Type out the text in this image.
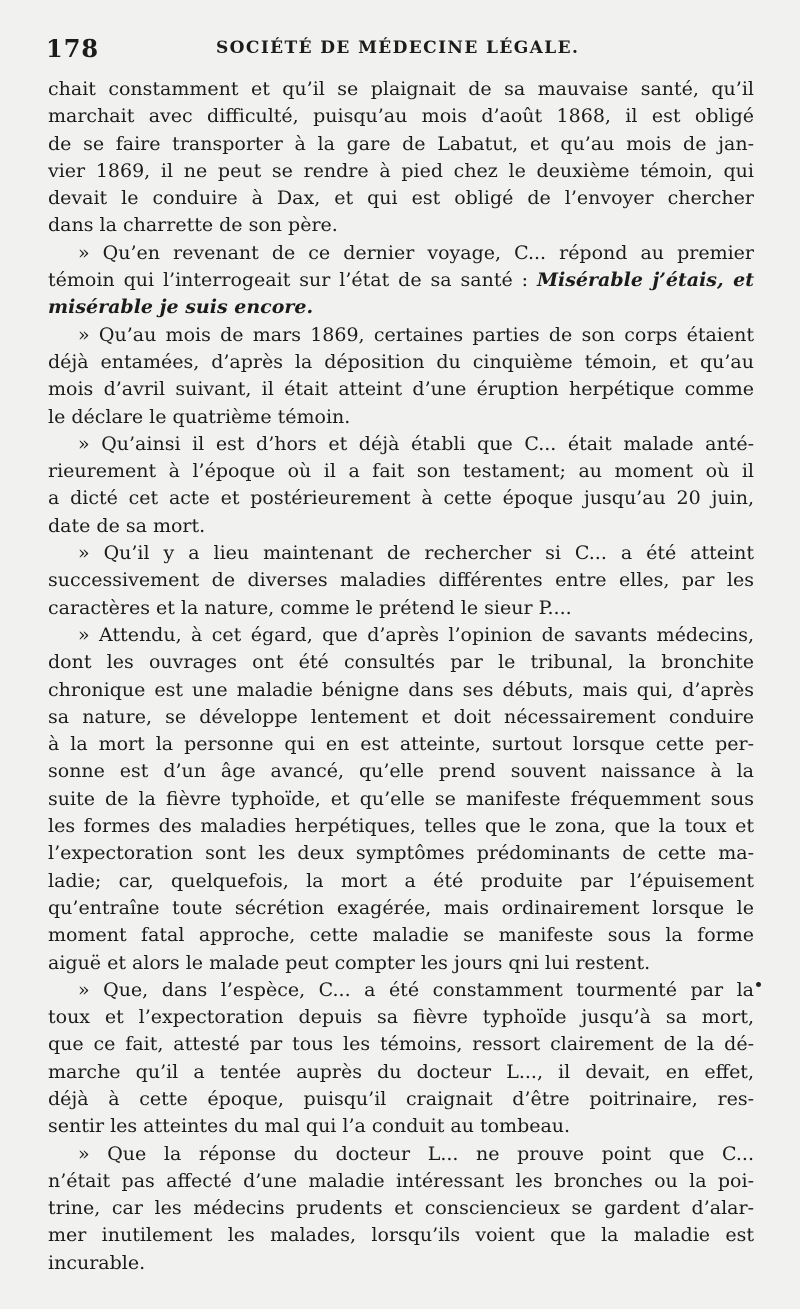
178	SOCIÉTÉ DE MÉDECINE LÉGALE.
chait constamment et qu’il se plaignait de sa mauvaise santé, qu’il
marchait avec difficulté, puisqu’au mois d’août 1868, il est obligé
de se faire transporter à la gare de Labatut, et qu’au mois de jan-
vier 1869, il ne peut se rendre à pied chez le deuxième témoin, qui
devait le conduire à Dax, et qui est obligé de l’envoyer chercher
dans la charrette de son père.
» Qu’en revenant de ce dernier voyage, C... répond au premier
témoin qui l’interrogeait sur l’état de sa santé : Misérable j’étais, et
misérable je suis encore.
» Qu’au mois de mars 1869, certaines parties de son corps étaient
déjà entamées, d’après la déposition du cinquième témoin, et qu’au
mois d’avril suivant, il était atteint d’une éruption herpétique comme
le déclare le quatrième témoin.
» Qu’ainsi il est d’hors et déjà établi que C... était malade anté-
rieurement à l’époque où il a fait son testament; au moment où il
a dicté cet acte et postérieurement à cette époque jusqu’au 20 juin,
date de sa mort.
» Qu’il y a lieu maintenant de rechercher si C... a été atteint
successivement de diverses maladies différentes entre elles, par les
caractères et la nature, comme le prétend le sieur P....
» Attendu, à cet égard, que d’après l’opinion de savants médecins,
dont les ouvrages ont été consultés par le tribunal, la bronchite
chronique est une maladie bénigne dans ses débuts, mais qui, d’après
sa nature, se développe lentement et doit nécessairement conduire
à la mort la personne qui en est atteinte, surtout lorsque cette per-
sonne est d’un âge avancé, qu’elle prend souvent naissance à la
suite de la fièvre typhoïde, et qu’elle se manifeste fréquemment sous
les formes des maladies herpétiques, telles que le zona, que la toux et
l’expectoration sont les deux symptômes prédominants de cette ma-
ladie; car, quelquefois, la mort a été produite par l’épuisement
qu’entraîne toute sécrétion exagérée, mais ordinairement lorsque le
moment fatal approche, cette maladie se manifeste sous la forme
aiguë et alors le malade peut compter les jours qni lui restent.
» Que, dans l’espèce, C... a été constamment tourmenté par la
toux et l’expectoration depuis sa fièvre typhoïde jusqu’à sa mort,
que ce fait, attesté par tous les témoins, ressort clairement de la dé-
marche qu’il a tentée auprès du docteur L..., il devait, en effet,
déjà à cette époque, puisqu’il craignait d’être poitrinaire, res-
sentir les atteintes du mal qui l’a conduit au tombeau.
» Que la réponse du docteur L... ne prouve point que C...
n’était pas affecté d’une maladie intéressant les bronches ou la poi-
trine, car les médecins prudents et consciencieux se gardent d’alar-
mer inutilement les malades, lorsqu’ils voient que la maladie est
incurable.
